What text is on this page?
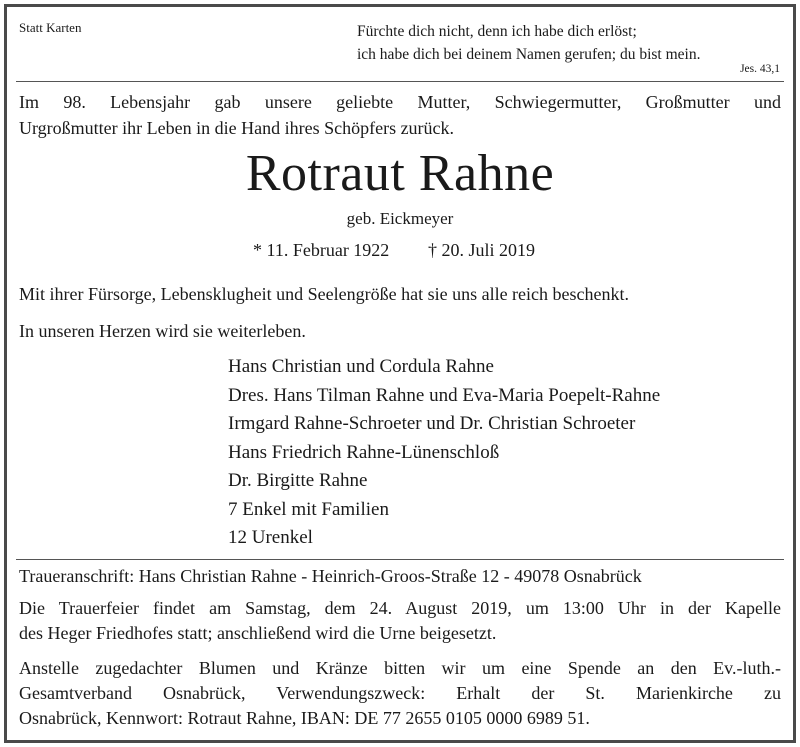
Statt Karten	Fürchte dich nicht, denn ich habe dich erlöst;
ich habe dich bei deinem Namen gerufen; du bist mein.
Jes. 43,1
Im 98. Lebensjahr gab unsere geliebte Mutter, Schwiegermutter, Großmutter und
Urgroßmutter ihr Leben in die Hand ihres Schöpfers zurück.
Rotraut Rahne
geb. Eickmeyer
* 11. Februar 1922 † 20. Juli 2019
Mit ihrer Fürsorge, Lebensklugheit und Seelengröße hat sie uns alle reich beschenkt.
In unseren Herzen wird sie weiterleben.
Hans Christian und Cordula Rahne
Dres. Hans Tilman Rahne und Eva-Maria Poepelt-Rahne
Irmgard Rahne-Schroeter und Dr. Christian Schroeter
Hans Friedrich Rahne-Lünenschloß
Dr. Birgitte Rahne
7 Enkel mit Familien
12 Urenkel
Traueranschrift: Hans Christian Rahne - Heinrich-Groos-Straße 12 - 49078 Osnabrück
Die Trauerfeier findet am Samstag, dem 24. August 2019, um 13:00 Uhr in der Kapelle
des Heger Friedhofes statt; anschließend wird die Urne beigesetzt.
Anstelle zugedachter Blumen und Kränze bitten wir um eine Spende an den Ev.-luth.-
Gesamtverband Osnabrück, Verwendungszweck: Erhalt der St. Marienkirche zu
Osnabrück, Kennwort: Rotraut Rahne, IBAN: DE 77 2655 0105 0000 6989 51.
